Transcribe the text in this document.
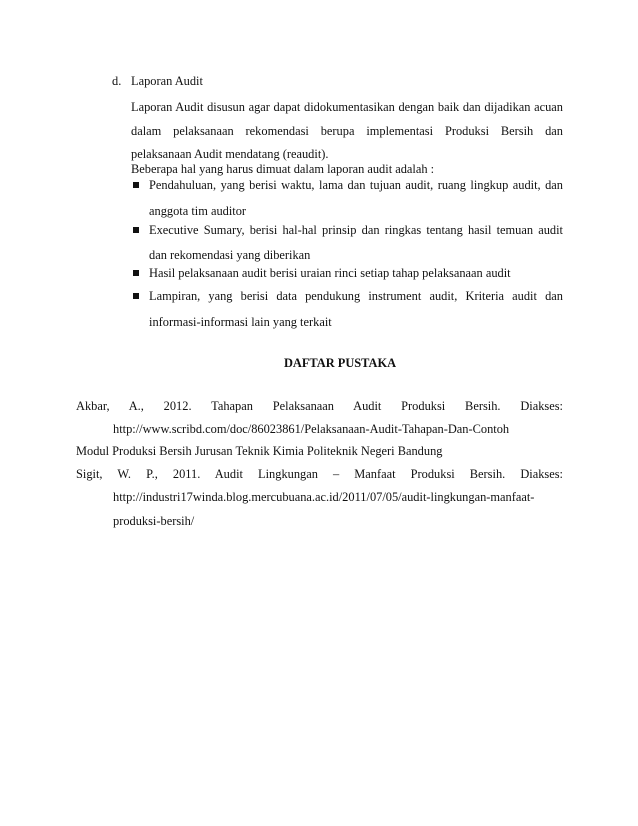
d. Laporan Audit
Laporan Audit disusun agar dapat didokumentasikan dengan baik dan dijadikan acuan
dalam pelaksanaan rekomendasi berupa implementasi Produksi Bersih dan
pelaksanaan Audit mendatang (reaudit).
Beberapa hal yang harus dimuat dalam laporan audit adalah :
Pendahuluan, yang berisi waktu, lama dan tujuan audit, ruang lingkup audit, dan
anggota tim auditor
Executive Sumary, berisi hal-hal prinsip dan ringkas tentang hasil temuan audit
dan rekomendasi yang diberikan
Hasil pelaksanaan audit berisi uraian rinci setiap tahap pelaksanaan audit
Lampiran, yang berisi data pendukung instrument audit, Kriteria audit dan
informasi-informasi lain yang terkait
DAFTAR PUSTAKA
Akbar, A., 2012. Tahapan Pelaksanaan Audit Produksi Bersih. Diakses:
http://www.scribd.com/doc/86023861/Pelaksanaan-Audit-Tahapan-Dan-Contoh
Modul Produksi Bersih Jurusan Teknik Kimia Politeknik Negeri Bandung
Sigit, W. P., 2011. Audit Lingkungan – Manfaat Produksi Bersih. Diakses:
http://industri17winda.blog.mercubuana.ac.id/2011/07/05/audit-lingkungan-manfaat-
produksi-bersih/
